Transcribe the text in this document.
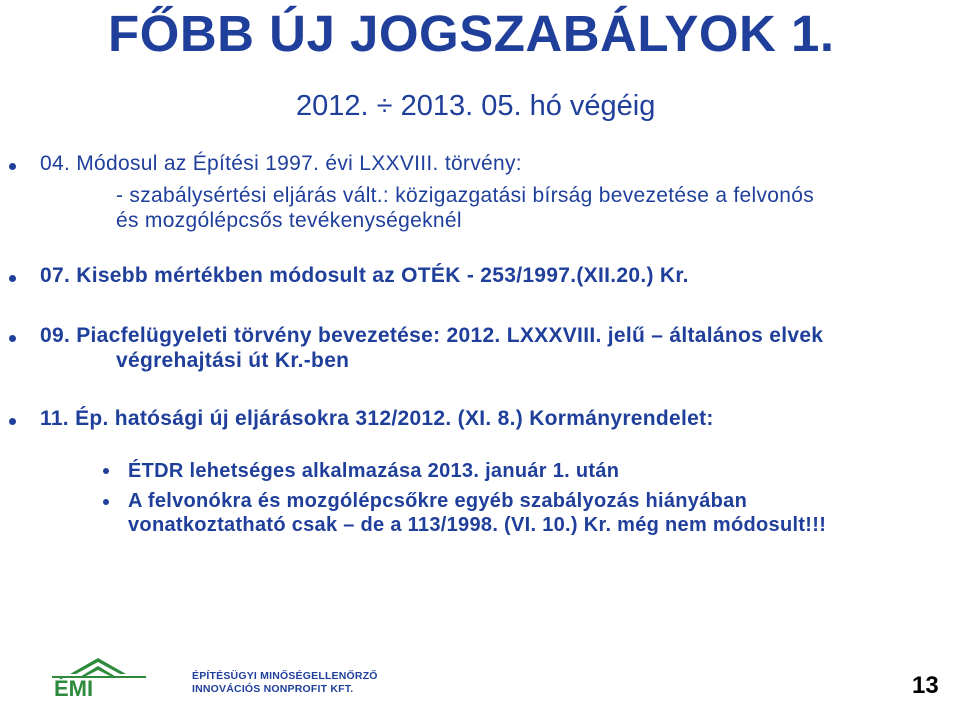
FŐBB ÚJ JOGSZABÁLYOK 1.
2012. ÷ 2013. 05. hó végéig
04. Módosul az Építési 1997. évi LXXVIII. törvény:
- szabálysértési eljárás vált.: közigazgatási bírság bevezetése a felvonós
és mozgólépcsős tevékenységeknél
07. Kisebb mértékben módosult az OTÉK - 253/1997.(XII.20.) Kr.
09. Piacfelügyeleti törvény bevezetése: 2012. LXXXVIII. jelű – általános elvek
végrehajtási út Kr.-ben
11. Ép. hatósági új eljárásokra 312/2012. (XI. 8.) Kormányrendelet:
ÉTDR lehetséges alkalmazása 2013. január 1. után
A felvonókra és mozgólépcsőkre egyéb szabályozás hiányában
vonatkoztatható csak – de a 113/1998. (VI. 10.) Kr. még nem módosult!!!
ÉMI	ÉPÍTÉSÜGYI MINŐSÉGELLENŐRZŐ
INNOVÁCIÓS NONPROFIT KFT.	13
